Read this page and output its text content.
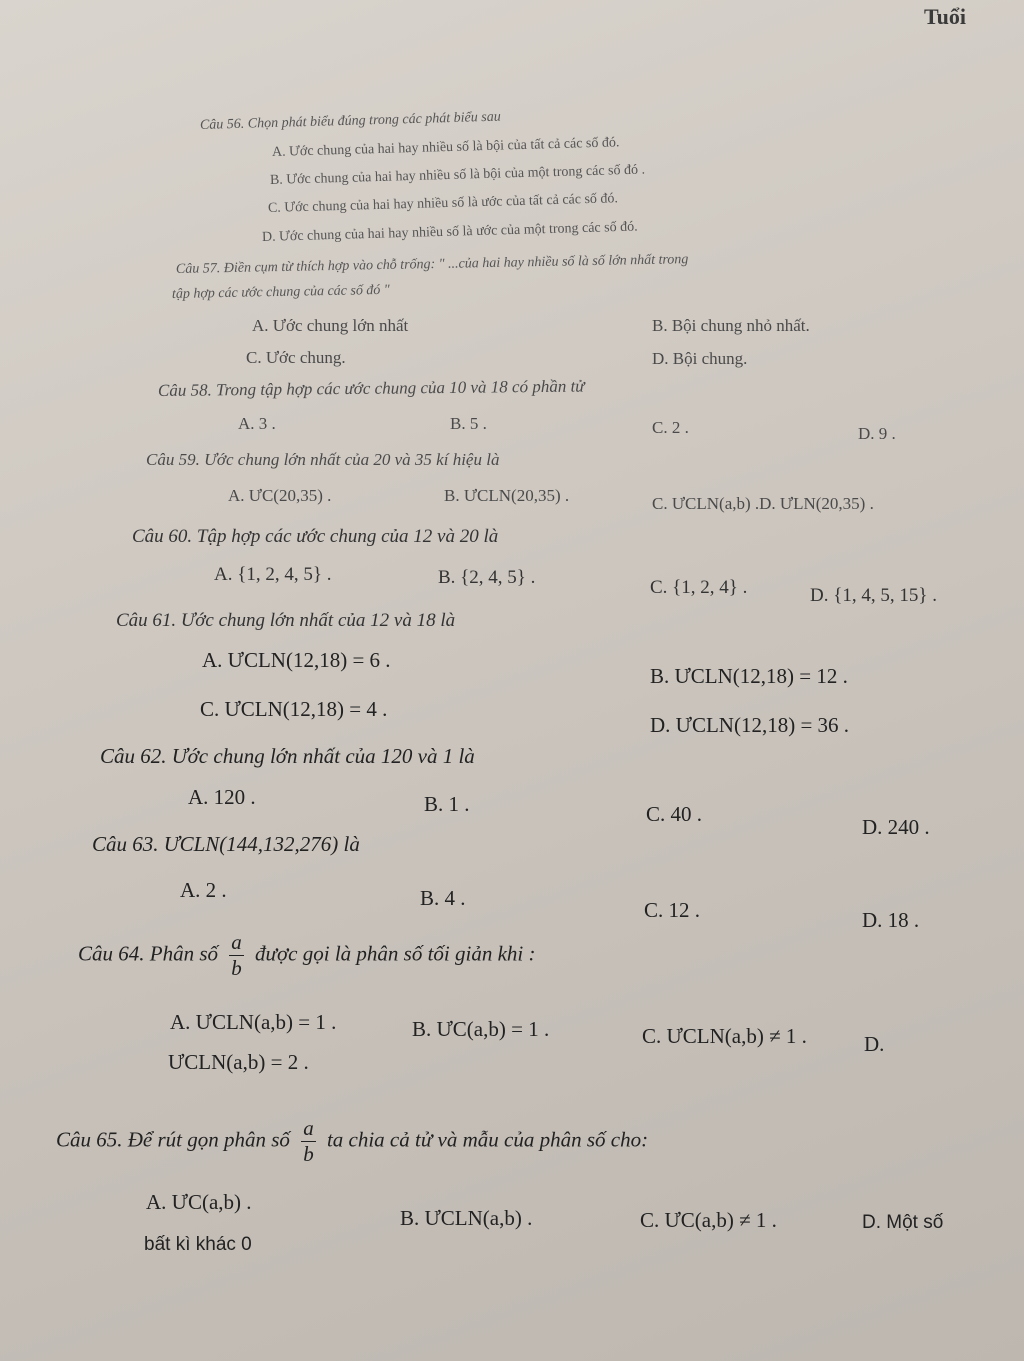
Tuổi
Câu 56. Chọn phát biểu đúng trong các phát biểu sau
A. Ước chung của hai hay nhiều số là bội của tất cả các số đó.
B. Ước chung của hai hay nhiều số là bội của một trong các số đó .
C. Ước chung của hai hay nhiều số là ước của tất cả các số đó.
D. Ước chung của hai hay nhiều số là ước của một trong các số đó.
Câu 57. Điền cụm từ thích hợp vào chỗ trống: " ...của hai hay nhiều số là số lớn nhất trong
tập hợp các ước chung của các số đó "
A. Ước chung lớn nhất	B. Bội chung nhỏ nhất.
C. Ước chung.	D. Bội chung.
Câu 58. Trong tập hợp các ước chung của 10 và 18 có phần tử
A. 3 .	B. 5 .	C. 2 .	D. 9 .
Câu 59. Ước chung lớn nhất của 20 và 35 kí hiệu là
A. ƯC(20,35) .	B. ƯCLN(20,35) .	C. ƯCLN(a,b) .D. ƯLN(20,35) .
Câu 60. Tập hợp các ước chung của 12 và 20 là
A. {1, 2, 4, 5} .	B. {2, 4, 5} .	C. {1, 2, 4} .	D. {1, 4, 5, 15} .
Câu 61. Ước chung lớn nhất của 12 và 18 là
A. ƯCLN(12,18) = 6 .
B. ƯCLN(12,18) = 12 .
C. ƯCLN(12,18) = 4 .
D. ƯCLN(12,18) = 36 .
Câu 62. Ước chung lớn nhất của 120 và 1 là
A. 120 .	B. 1 .	C. 40 .
D. 240 .
Câu 63. ƯCLN(144,132,276) là
A. 2 .	B. 4 .	C. 12 .	D. 18 .
Câu 64. Phân số $\frac{a}{b}$ được gọi là phân số tối giản khi :
A. ƯCLN(a,b) = 1 .	B. ƯC(a,b) = 1 .	C. ƯCLN(a,b) ≠ 1 .	D.
ƯCLN(a,b) = 2 .
Câu 65. Để rút gọn phân số $\frac{a}{b}$ ta chia cả tử và mẫu của phân số cho:
A. ƯC(a,b) .
B. ƯCLN(a,b) .	C. ƯC(a,b) ≠ 1 .	D. Một số
bất kì khác 0
